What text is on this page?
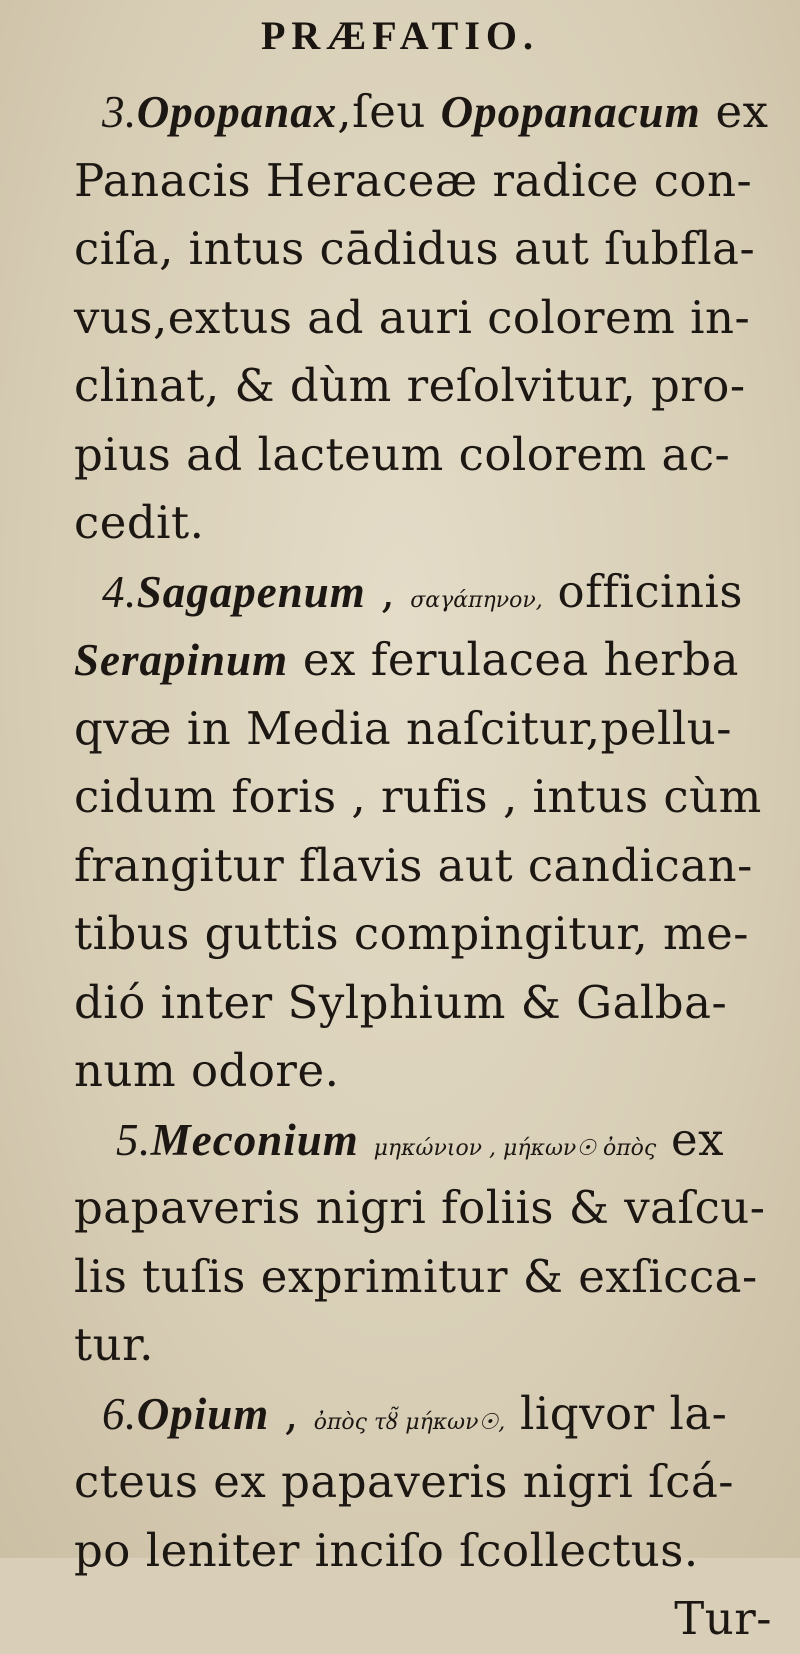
PRÆFATIO.
3.Opopanax,ſeu Opopanacum ex
Panacis Heraceæ radice con-
ciſa, intus cādidus aut ſubfla-
vus,extus ad auri colorem in-
clinat, & dùm reſolvitur, pro-
pius ad lacteum colorem ac-
cedit.
4.Sagapenum , σαγάπηνον, officinis
Serapinum ex ferulacea herba
qvæ in Media naſcitur,pellu-
cidum foris , rufis , intus cùm
frangitur flavis aut candican-
tibus guttis compingitur, me-
dió inter Sylphium & Galba-
num odore.
5.Meconium μηκώνιον , μήκων☉ ὀπὸς ex
papaveris nigri foliis & vaſcu-
lis tuſis exprimitur & exſicca-
tur.
6.Opium , ὀπὸς τȣ̃ μήκων☉, liqvor la-
cteus ex papaveris nigri ſcá-
po leniter inciſo ſcollectus.
Tur-
